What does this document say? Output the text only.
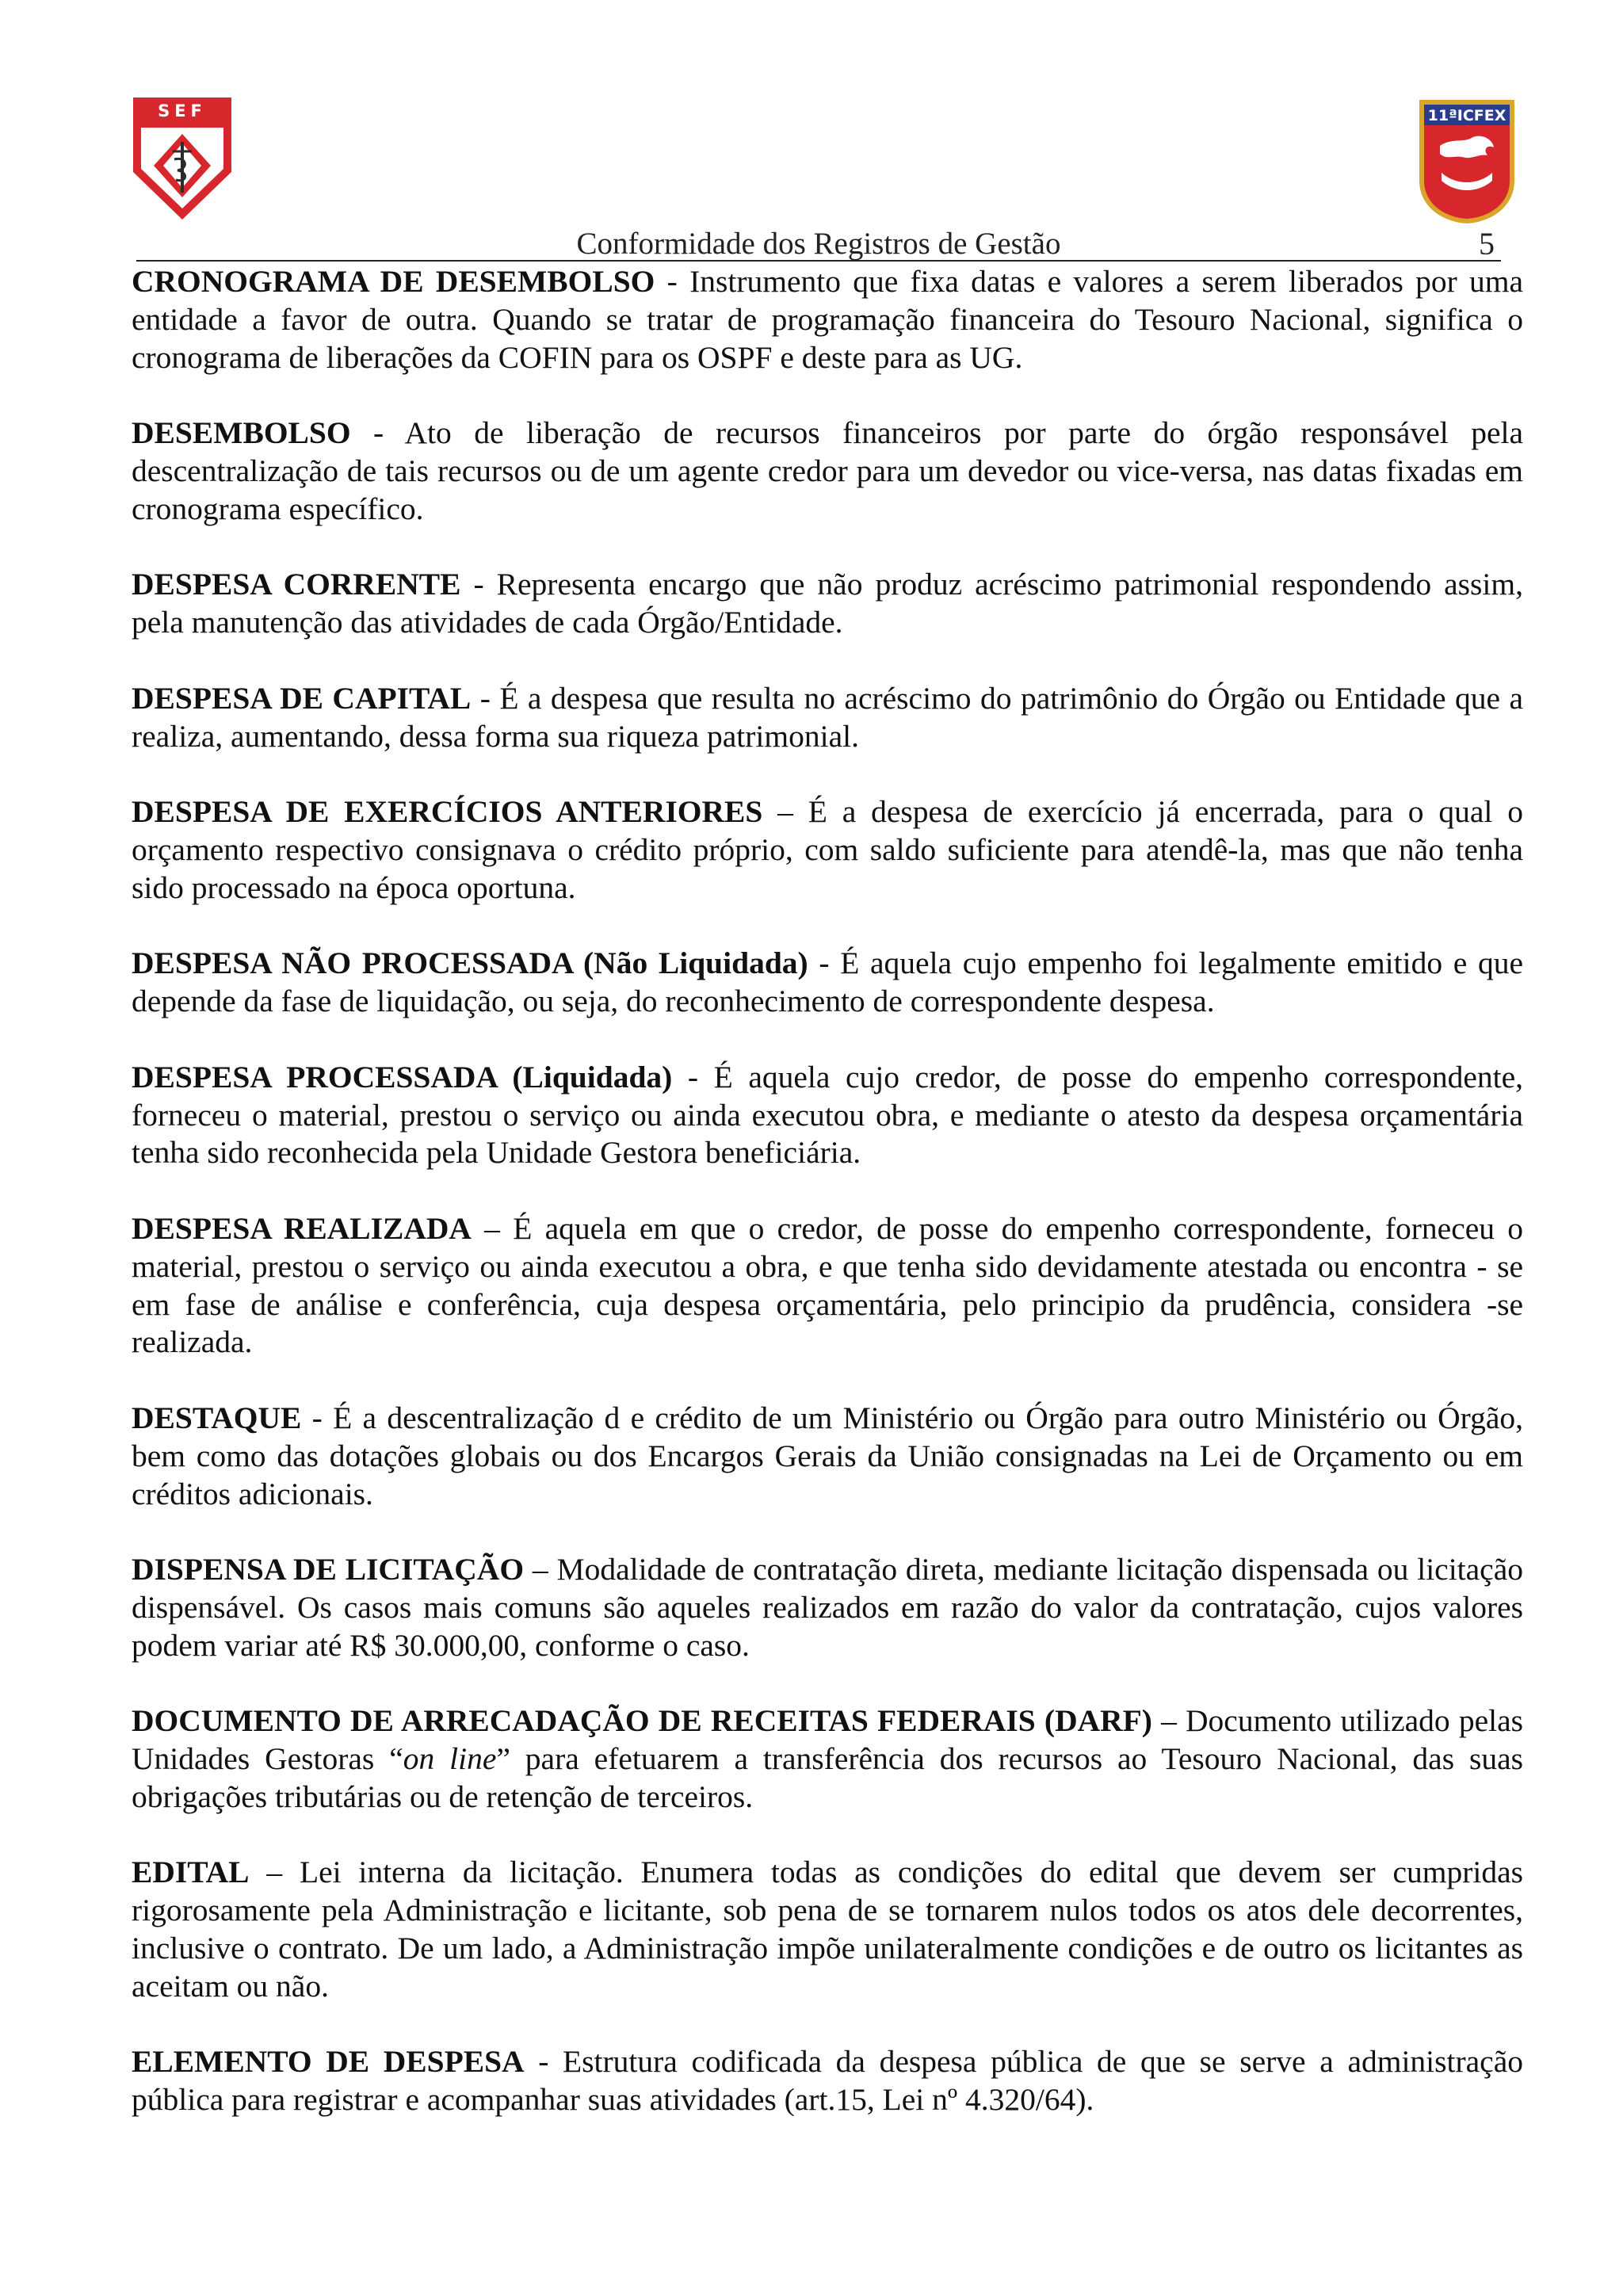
SEF	11ªICFEX
Conformidade dos Registros de Gestão	5

CRONOGRAMA DE DESEMBOLSO - Instrumento que fixa datas e valores a serem liberados por uma entidade a favor de outra. Quando se tratar de programação financeira do Tesouro Nacional, significa o cronograma de liberações da COFIN para os OSPF e deste para as UG.

DESEMBOLSO - Ato de liberação de recursos financeiros por parte do órgão responsável pela descentralização de tais recursos ou de um agente credor para um devedor ou vice-versa, nas datas fixadas em cronograma específico.

DESPESA CORRENTE - Representa encargo que não produz acréscimo patrimonial respondendo assim, pela manutenção das atividades de cada Órgão/Entidade.

DESPESA DE CAPITAL - É a despesa que resulta no acréscimo do patrimônio do Órgão ou Entidade que a realiza, aumentando, dessa forma sua riqueza patrimonial.

DESPESA DE EXERCÍCIOS ANTERIORES – É a despesa de exercício já encerrada, para o qual o orçamento respectivo consignava o crédito próprio, com saldo suficiente para atendê-la, mas que não tenha sido processado na época oportuna.

DESPESA NÃO PROCESSADA (Não Liquidada) - É aquela cujo empenho foi legalmente emitido e que depende da fase de liquidação, ou seja, do reconhecimento de correspondente despesa.

DESPESA PROCESSADA (Liquidada) - É aquela cujo credor, de posse do empenho correspondente, forneceu o material, prestou o serviço ou ainda executou obra, e mediante o atesto da despesa orçamentária tenha sido reconhecida pela Unidade Gestora beneficiária.

DESPESA REALIZADA – É aquela em que o credor, de posse do empenho correspondente, forneceu o material, prestou o serviço ou ainda executou a obra, e que tenha sido devidamente atestada ou encontra - se em fase de análise e conferência, cuja despesa orçamentária, pelo principio da prudência, considera -se realizada.

DESTAQUE - É a descentralização d e crédito de um Ministério ou Órgão para outro Ministério ou Órgão, bem como das dotações globais ou dos Encargos Gerais da União consignadas na Lei de Orçamento ou em créditos adicionais.

DISPENSA DE LICITAÇÃO – Modalidade de contratação direta, mediante licitação dispensada ou licitação dispensável. Os casos mais comuns são aqueles realizados em razão do valor da contratação, cujos valores podem variar até R$ 30.000,00, conforme o caso.

DOCUMENTO DE ARRECADAÇÃO DE RECEITAS FEDERAIS (DARF) – Documento utilizado pelas Unidades Gestoras “on line” para efetuarem a transferência dos recursos ao Tesouro Nacional, das suas obrigações tributárias ou de retenção de terceiros.

EDITAL – Lei interna da licitação. Enumera todas as condições do edital que devem ser cumpridas rigorosamente pela Administração e licitante, sob pena de se tornarem nulos todos os atos dele decorrentes, inclusive o contrato. De um lado, a Administração impõe unilateralmente condições e de outro os licitantes as aceitam ou não.

ELEMENTO DE DESPESA - Estrutura codificada da despesa pública de que se serve a administração pública para registrar e acompanhar suas atividades (art.15, Lei nº 4.320/64).
